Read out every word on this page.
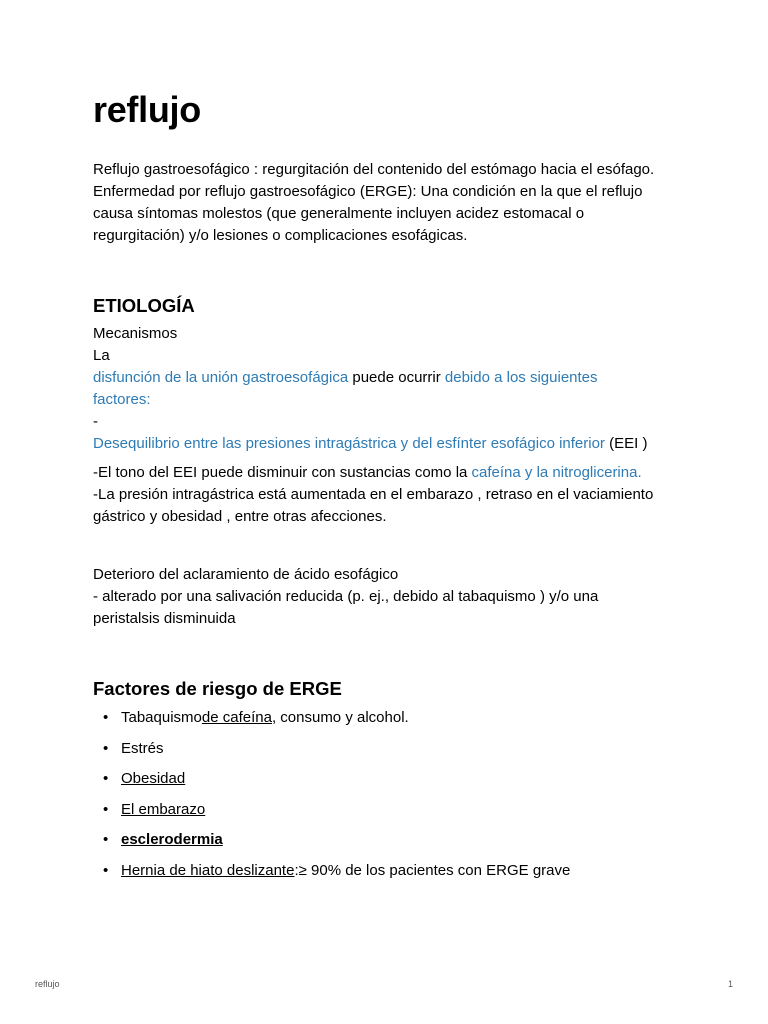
reflujo

Reflujo gastroesofágico : regurgitación del contenido del estómago hacia el esófago.

Enfermedad por reflujo gastroesofágico (ERGE): Una condición en la que el reflujo

causa síntomas molestos (que generalmente incluyen acidez estomacal o

regurgitación) y/o lesiones o complicaciones esofágicas.

ETIOLOGÍA

Mecanismos

La

disfunción de la unión gastroesofágica puede ocurrir debido a los siguientes

factores:

-

Desequilibrio entre las presiones intragástrica y del esfínter esofágico inferior (EEI )

-El tono del EEI puede disminuir con sustancias como la cafeína y la nitroglicerina.

-La presión intragástrica está aumentada en el embarazo , retraso en el vaciamiento

gástrico y obesidad , entre otras afecciones.

Deterioro del aclaramiento de ácido esofágico

- alterado por una salivación reducida (p. ej., debido al tabaquismo ) y/o una

peristalsis disminuida

Factores de riesgo de ERGE
• Tabaquismode cafeína, consumo y alcohol.
• Estrés
• Obesidad
• El embarazo
• esclerodermia
• Hernia de hiato deslizante:≥ 90% de los pacientes con ERGE grave
reflujo	1
